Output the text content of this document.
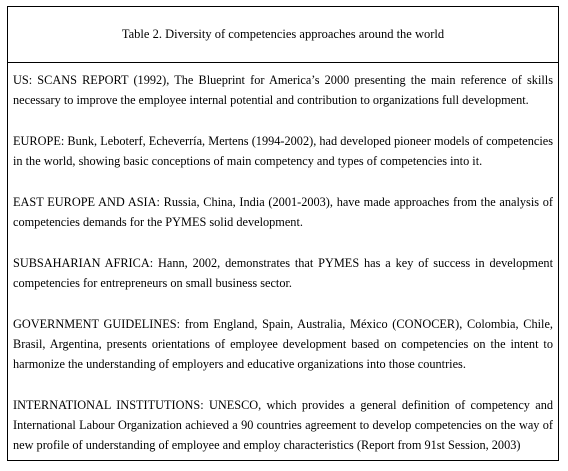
Table 2. Diversity of competencies approaches around the world

US: SCANS REPORT (1992), The Blueprint for America’s 2000 presenting the main reference of skills necessary to improve the employee internal potential and contribution to organizations full development.

EUROPE: Bunk, Leboterf, Echeverría, Mertens (1994-2002), had developed pioneer models of competencies in the world, showing basic conceptions of main competency and types of competencies into it.

EAST EUROPE AND ASIA: Russia, China, India (2001-2003), have made approaches from the analysis of competencies demands for the PYMES solid development.

SUBSAHARIAN AFRICA: Hann, 2002, demonstrates that PYMES has a key of success in development competencies for entrepreneurs on small business sector.

GOVERNMENT GUIDELINES: from England, Spain, Australia, México (CONOCER), Colombia, Chile, Brasil, Argentina, presents orientations of employee development based on competencies on the intent to harmonize the understanding of employers and educative organizations into those countries.

INTERNATIONAL INSTITUTIONS: UNESCO, which provides a general definition of competency and International Labour Organization achieved a 90 countries agreement to develop competencies on the way of new profile of understanding of employee and employ characteristics (Report from 91st Session, 2003)
